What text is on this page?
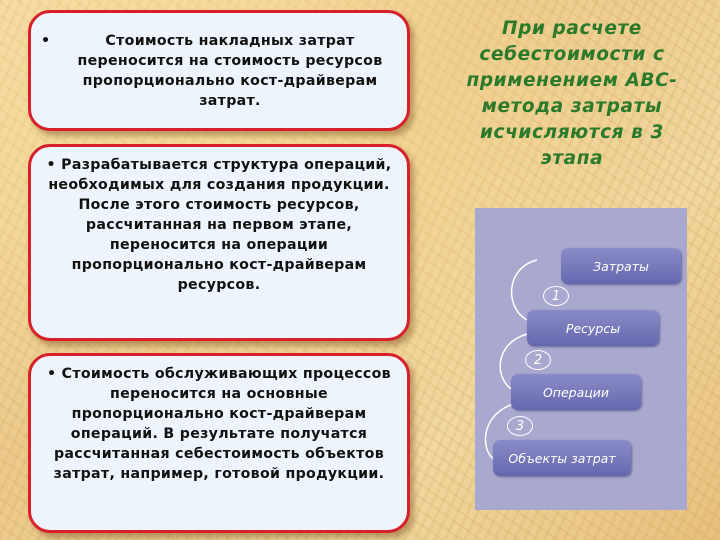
•	Стоимость накладных затрат переносится на стоимость ресурсов пропорционально кост-драйверам затрат.
• Разрабатывается структура операций, необходимых для создания продукции. После этого стоимость ресурсов, рассчитанная на первом этапе, переносится на операции пропорционально кост-драйверам ресурсов.
• Стоимость обслуживающих процессов переносится на основные пропорционально кост-драйверам операций. В результате получатся рассчитанная себестоимость объектов затрат, например, готовой продукции.
При расчете себестоимости с применением АВС-метода затраты исчисляются в 3 этапа
Затраты
1
Ресурсы
2
Операции
3
Объекты затрат
